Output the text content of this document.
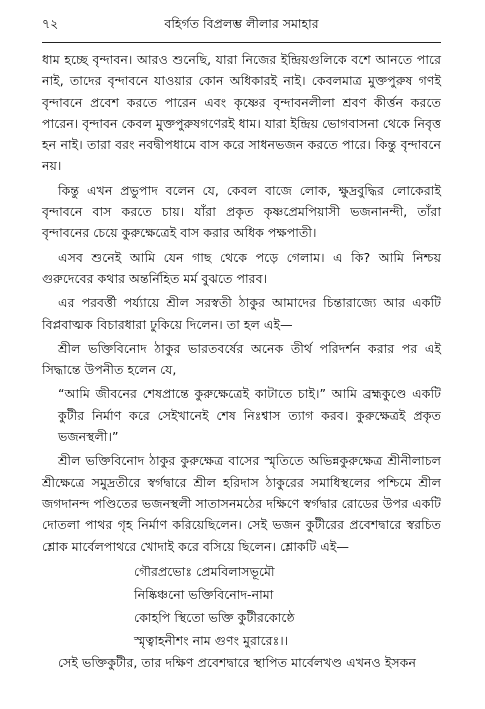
৭২	বহির্গত বিপ্রলম্ভ লীলার সমাহার

ধাম হচ্ছে বৃন্দাবন। আরও শুনেছি, যারা নিজের ইন্দ্রিয়গুলিকে বশে আনতে পারে নাই, তাদের বৃন্দাবনে যাওয়ার কোন অধিকারই নাই। কেবলমাত্র মুক্তপুরুষ গণই বৃন্দাবনে প্রবেশ করতে পারেন এবং কৃষ্ণের বৃন্দাবনলীলা শ্রবণ কীর্ত্তন করতে পারেন। বৃন্দাবন কেবল মুক্তপুরুষগণেরই ধাম। যারা ইন্দ্রিয় ভোগবাসনা থেকে নিবৃত্ত হন নাই। তারা বরং নবদ্বীপধামে বাস করে সাধনভজন করতে পারে। কিন্তু বৃন্দাবনে নয়।

কিন্তু এখন প্রভুপাদ বলেন যে, কেবল বাজে লোক, ক্ষুদ্রবুদ্ধির লোকেরাই বৃন্দাবনে বাস করতে চায়। যাঁরা প্রকৃত কৃষ্ণপ্রেমপিয়াসী ভজনানন্দী, তাঁরা বৃন্দাবনের চেয়ে কুরুক্ষেত্রেই বাস করার অধিক পক্ষপাতী।

এসব শুনেই আমি যেন গাছ থেকে পড়ে গেলাম। এ কি? আমি নিশ্চয় গুরুদেবের কথার অন্তর্নিহিত মর্ম বুঝতে পারব।

এর পরবর্ত্তী পর্য্যায়ে শ্রীল সরস্বতী ঠাকুর আমাদের চিন্তারাজ্যে আর একটি বিপ্লবাত্মক বিচারধারা ঢুকিয়ে দিলেন। তা হল এই—

শ্রীল ভক্তিবিনোদ ঠাকুর ভারতবর্ষের অনেক তীর্থ পরিদর্শন করার পর এই সিদ্ধান্তে উপনীত হলেন যে,

“আমি জীবনের শেষপ্রান্তে কুরুক্ষেত্রেই কাটাতে চাই।” আমি ব্রহ্মকুণ্ডে একটি কুটীর নির্মাণ করে সেইখানেই শেষ নিঃশ্বাস ত্যাগ করব। কুরুক্ষেত্রই প্রকৃত ভজনস্থলী।”

শ্রীল ভক্তিবিনোদ ঠাকুর কুরুক্ষেত্র বাসের স্মৃতিতে অভিন্নকুরুক্ষেত্র শ্রীনীলাচল শ্রীক্ষেত্রে সমুদ্রতীরে স্বর্গদ্বারে শ্রীল হরিদাস ঠাকুরের সমাধিস্থলের পশ্চিমে শ্রীল জগদানন্দ পণ্ডিতের ভজনস্থলী সাতাসনমঠের দক্ষিণে স্বর্গদ্বার রোডের উপর একটি দোতলা পাথর গৃহ নির্মাণ করিয়েছিলেন। সেই ভজন কুটীরের প্রবেশদ্বারে স্বরচিত শ্লোক মার্বেলপাথরে খোদাই করে বসিয়ে ছিলেন। শ্লোকটি এই—

গৌরপ্রভোঃ প্রেমবিলাসভূমৌ
নিষ্কিঞ্চনো ভক্তিবিনোদ-নামা
কোহপি স্থিতো ভক্তি কুটীরকোষ্ঠে
স্মৃত্বাহনীশং নাম গুণং মুরারেঃ।।

সেই ভক্তিকুটীর, তার দক্ষিণ প্রবেশদ্বারে স্থাপিত মার্বেলখণ্ড এখনও ইসকন
